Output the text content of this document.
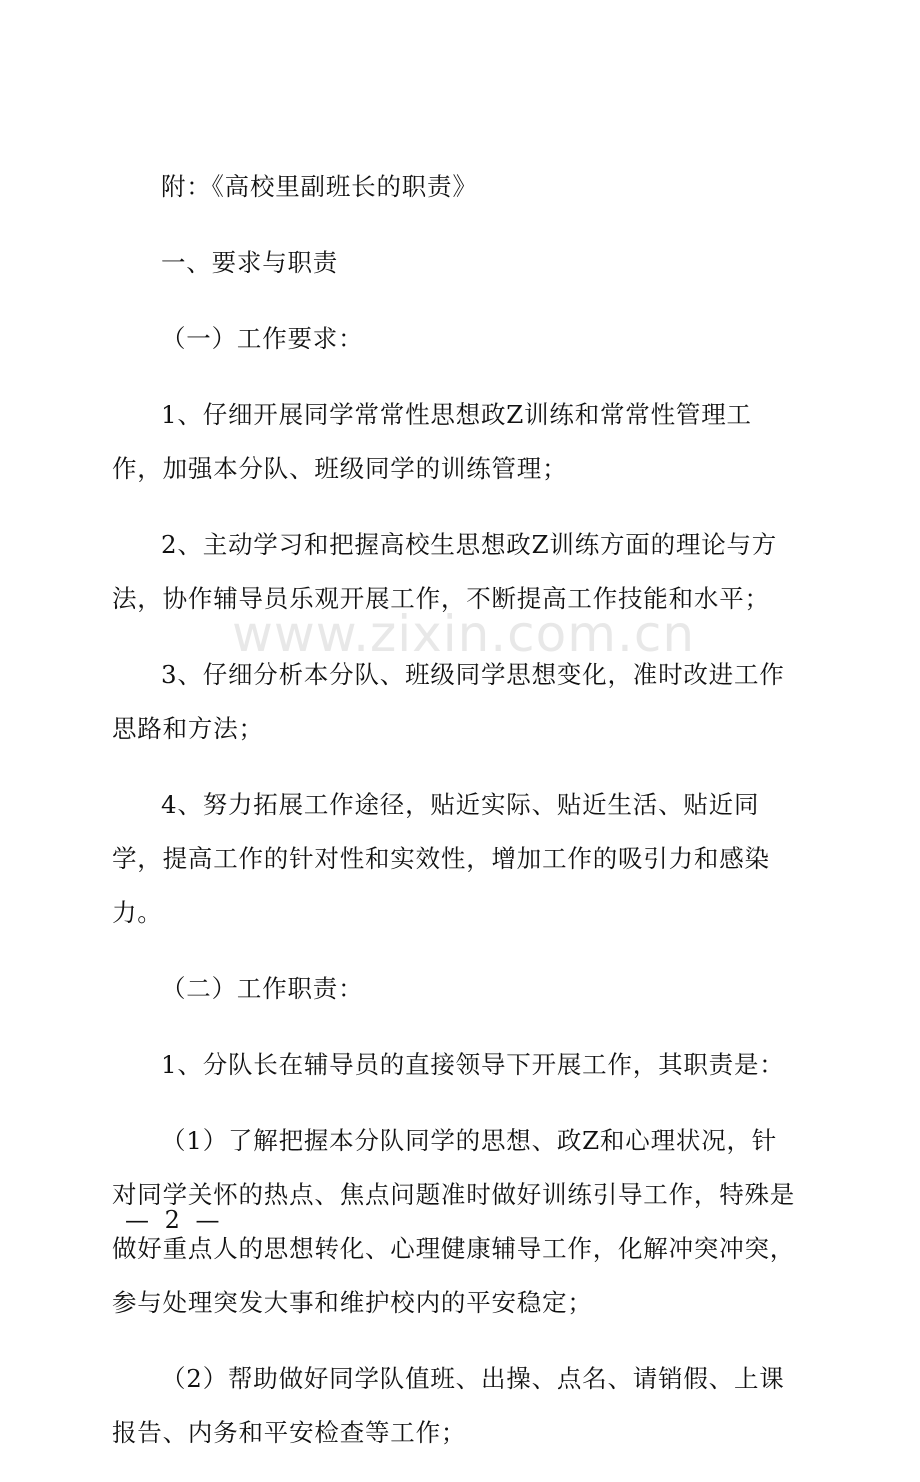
附：《高校里副班长的职责》

一、要求与职责

（一）工作要求：

1、仔细开展同学常常性思想政Z训练和常常性管理工作，加强本分队、班级同学的训练管理；

2、主动学习和把握高校生思想政Z训练方面的理论与方法，协作辅导员乐观开展工作，不断提高工作技能和水平；

3、仔细分析本分队、班级同学思想变化，准时改进工作思路和方法；

4、努力拓展工作途径，贴近实际、贴近生活、贴近同学，提高工作的针对性和实效性，增加工作的吸引力和感染力。

（二）工作职责：

1、分队长在辅导员的直接领导下开展工作，其职责是：

（1）了解把握本分队同学的思想、政Z和心理状况，针对同学关怀的热点、焦点问题准时做好训练引导工作，特殊是做好重点人的思想转化、心理健康辅导工作，化解冲突冲突，参与处理突发大事和维护校内的平安稳定；

（2）帮助做好同学队值班、出操、点名、请销假、上课报告、内务和平安检查等工作；

www.zixin.com.cn
— 2 —
